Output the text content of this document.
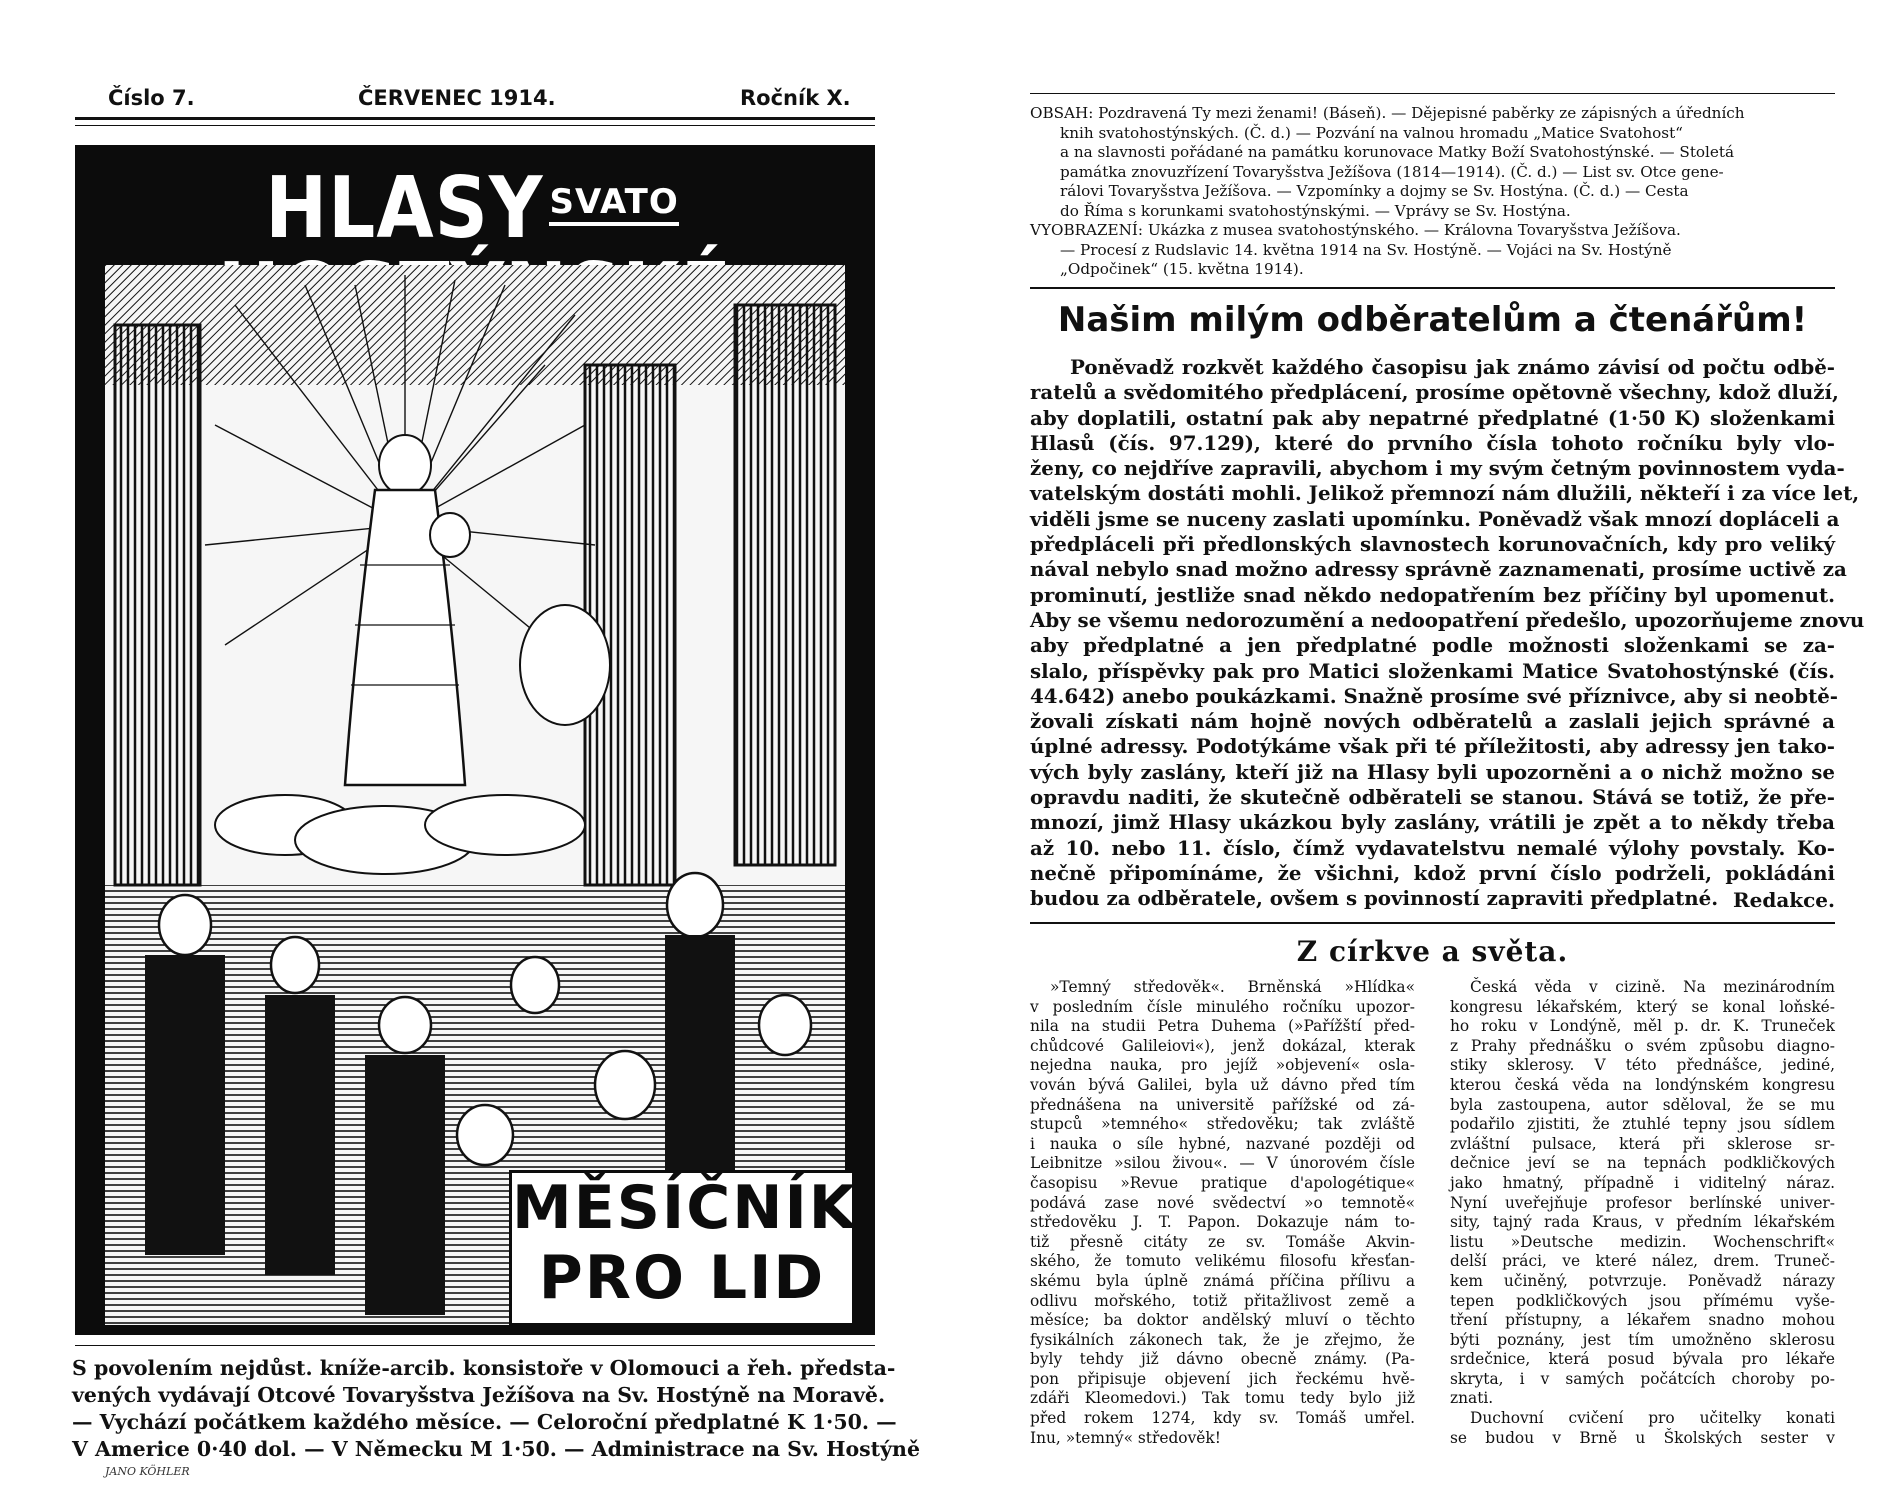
Číslo 7.	ČERVENEC 1914.	Ročník X.
HLASY SVATO
MĚSÍČNÍK
PRO LID
JANO KÖHLER
S povolením nejdůst. knížе-arcib. konsistoře v Olomouci a řeh. předsta-
vených vydávají Otcové Tovaryšstva Ježíšova na Sv. Hostýně na Moravě.
— Vychází počátkem každého měsíce. — Celoroční předplatné K 1·50. —
V Americe 0·40 dol. — V Německu M 1·50. — Administrace na Sv. Hostýně
OBSAH: Pozdravená Ty mezi ženami! (Báseň). — Dějepisné paběrky ze zápisných a úředních
knih svatohostýnských. (Č. d.) — Pozvání na valnou hromadu „Matice Svatohost“
a na slavnosti pořádané na památku korunovace Matky Boží Svatohostýnské. — Stoletá
památka znovuzřízení Tovaryšstva Ježíšova (1814—1914). (Č. d.) — List sv. Otce gene-
rálovi Tovaryšstva Ježíšova. — Vzpomínky a dojmy se Sv. Hostýna. (Č. d.) — Cesta
do Říma s korunkami svatohostýnskými. — Vprávy se Sv. Hostýna.
VYOBRAZENÍ: Ukázka z musea svatohostýnského. — Královna Tovaryšstva Ježíšova.
— Procesí z Rudslavic 14. května 1914 na Sv. Hostýně. — Vojáci na Sv. Hostýně
„Odpočinek“ (15. května 1914).
Našim milým odběratelům a čtenářům!
Poněvadž rozkvět každého časopisu jak známo závisí od počtu odbě-
ratelů a svědomitého předplácení, prosíme opětovně všechny, kdož dluží,
aby doplatili, ostatní pak aby nepatrné předplatné (1·50 K) složenkami
Hlasů (čís. 97.129), které do prvního čísla tohoto ročníku byly vlo-
ženy, co nejdříve zapravili, abychom i my svým četným povinnostem vyda-
vatelským dostáti mohli. Jelikož přemnozí nám dlužili, někteří i za více let,
viděli jsme se nuceny zaslati upomínku. Poněvadž však mnozí dopláceli a
předpláceli při předlonských slavnostech korunovačních, kdy pro veliký
nával nebylo snad možno adressy správně zaznamenati, prosíme uctivě za
prominutí, jestliže snad někdo nedopatřením bez příčiny byl upomenut.
Aby se všemu nedorozumění a nedoopatření předešlo, upozorňujeme znovu
aby předplatné a jen předplatné podle možnosti složenkami se za-
slalo, příspěvky pak pro Matici složenkami Matice Svatohostýnské (čís.
44.642) anebo poukázkami. Snažně prosíme své příznivce, aby si neobtě-
žovali získati nám hojně nových odběratelů a zaslali jejich správné a
úplné adressy. Podotýkáme však při té příležitosti, aby adressy jen tako-
vých byly zaslány, kteří již na Hlasy byli upozorněni a o nichž možno se
opravdu naditi, že skutečně odběrateli se stanou. Stává se totiž, že pře-
mnozí, jimž Hlasy ukázkou byly zaslány, vrátili je zpět a to někdy třeba
až 10. nebo 11. číslo, čímž vydavatelstvu nemalé výlohy povstaly. Ko-
nečně připomínáme, že všichni, kdož první číslo podrželi, pokládáni
budou za odběratele, ovšem s povinností zapraviti předplatné. Redakce.
Z církve a světa.
»Temný středověk«. Brněnská »Hlídka«
v posledním čísle minulého ročníku upozor-
nila na studii Petra Duhema (»Pařížští před-
chůdcové Galileiovi«), jenž dokázal, kterak
nejedna nauka, pro jejíž »objevení« osla-
vován bývá Galilei, byla už dávno před tím
přednášena na universitě pařížské od zá-
stupců »temného« středověku; tak zvláště
i nauka o síle hybné, nazvané později od
Leibnitze »silou živou«. — V únorovém čísle
časopisu »Revue pratique d'apologétique«
podává zase nové svědectví »o temnotě«
středověku J. T. Papon. Dokazuje nám to-
tiž přesně citáty ze sv. Tomáše Akvin-
ského, že tomuto velikému filosofu křesťan-
skému byla úplně známá příčina přílivu a
odlivu mořského, totiž přitažlivost země a
měsíce; ba doktor andělský mluví o těchto
fysikálních zákonech tak, že je zřejmo, že
byly tehdy již dávno obecně známy. (Pa-
pon připisuje objevení jich řeckému hvě-
zdáři Kleomedovi.) Tak tomu tedy bylo již
před rokem 1274, kdy sv. Tomáš umřel.
Inu, »temný« středověk!
Česká věda v cizině. Na mezinárodním
kongresu lékařském, který se konal loňské-
ho roku v Londýně, měl p. dr. K. Truneček
z Prahy přednášku o svém způsobu diagno-
stiky sklerosy. V této přednášce, jediné,
kterou česká věda na londýnském kongresu
byla zastoupena, autor sděloval, že se mu
podařilo zjistiti, že ztuhlé tepny jsou sídlem
zvláštní pulsace, která při sklerose sr-
dečnice jeví se na tepnách podkličkových
jako hmatný, případně i viditelný náraz.
Nyní uveřejňuje profesor berlínské univer-
sity, tajný rada Kraus, v předním lékařském
listu »Deutsche medizin. Wochenschrift«
delší práci, ve které nález, drem. Truneč-
kem učiněný, potvrzuje. Poněvadž nárazy
tepen podkličkových jsou přímému vyše-
tření přístupny, a lékařem snadno mohou
býti poznány, jest tím umožněno sklerosu
srdečnice, která posud bývala pro lékaře
skryta, i v samých počátcích choroby po-
znati.
Duchovní cvičení pro učitelky konati
se budou v Brně u Školských sester v
